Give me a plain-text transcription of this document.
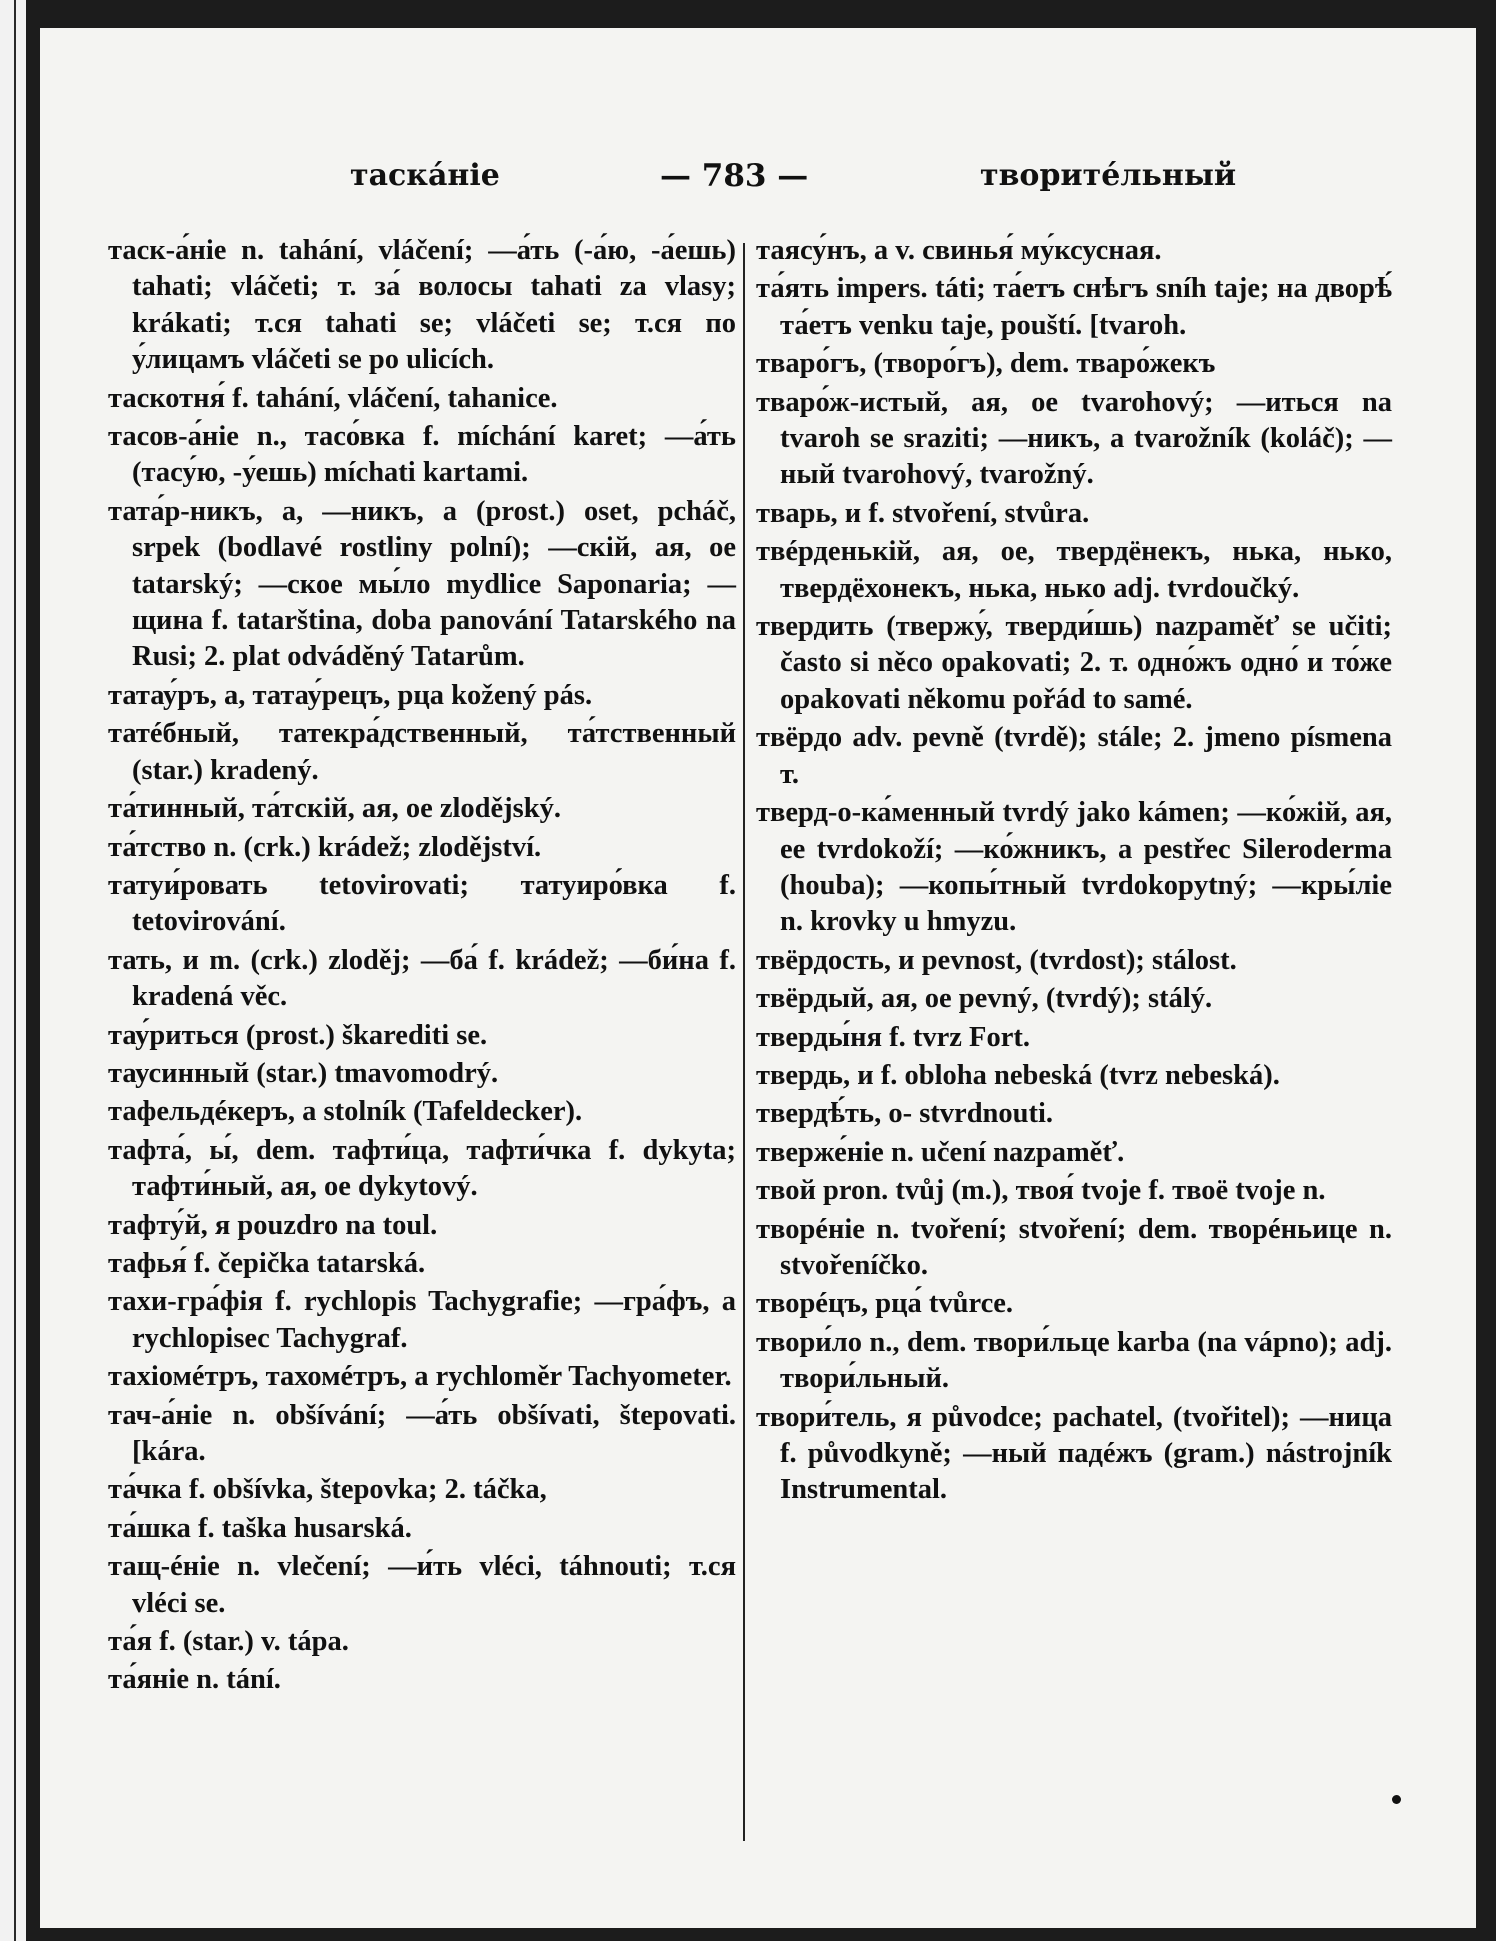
таска́ніе	— 783 —	творите́льный

таск-а́ніе n. tahání, vláčení; —а́ть (-а́ю, -а́ешь) tahati; vláčeti; т. за́ волосы tahati za vlasy; krákati; т.ся tahati se; vláčeti se; т.ся по у́лицамъ vláčeti se po ulicích.

таскотня́ f. tahání, vláčení, tahanice.

тасов-а́ніе n., тасо́вка f. míchání karet; —а́ть (тасу́ю, -у́ешь) míchati kartami.

тата́р-никъ, а, —никъ, а (prost.) oset, pcháč, srpek (bodlavé rostliny polní); —скій, ая, ое tatarský; —ское мы́ло mydlice Saponaria; —щина f. tatarština, doba panování Tatarského na Rusi; 2. plat odváděný Tatarům.

татау́ръ, а, татау́рецъ, рца kožený pás.

татéбный, татекра́дственный, та́тственный (star.) kradený.

та́тинный, та́тскій, ая, ое zlodějský.

та́тство n. (crk.) krádež; zlodějství.

татуи́ровать tetovirovati; татуиро́вка f. tetovirování.

тать, и m. (crk.) zloděj; —ба́ f. krádež; —би́на f. kradená věc.

тау́риться (prost.) škarediti se.

таусинный (star.) tmavomodrý.

тафельдéкеръ, а stolník (Tafeldecker).

тафта́, ы́, dem. тафти́ца, тафти́чка f. dykyta; тафти́ный, ая, ое dykytový.

тафту́й, я pouzdro na toul.

тафья́ f. čepička tatarská.

тахи-гра́фія f. rychlopis Tachygrafie; —гра́фъ, а rychlopisec Tachygraf.

тахіомéтръ, тахомéтръ, а rychloměr Tachyometer.

тач-а́ніе n. obšívání; —а́ть obšívati, štepovati. [kára.

та́чка f. obšívka, štepovka; 2. táčka,

та́шка f. taška husarská.

тащ-éніе n. vlečení; —и́ть vléci, táhnouti; т.ся vléci se.

та́я f. (star.) v. tápa.

та́яніе n. tání.

таясу́нъ, а v. свинья́ му́ксусная.

та́ять impers. táti; та́етъ снѣгъ sníh taje; на дворѣ́ та́етъ venku taje, pouští. [tvaroh.

тваро́гъ, (творо́гъ), dem. тваро́жекъ

тваро́ж-истый, ая, ое tvarohový; —иться na tvaroh se sraziti; —никъ, а tvarožník (koláč); —ный tvarohový, tvarožný.

тварь, и f. stvoření, stvůra.

твéрденькій, ая, ое, твердёнекъ, нька, нько, твердёхонекъ, нька, нько adj. tvrdoučký.

твердить (твержу́, тверди́шь) nazpaměť se učiti; často si něco opakovati; 2. т. одно́жъ одно́ и то́же opakovati někomu pořád to samé.

твёрдо adv. pevně (tvrdě); stále; 2. jmeno písmena т.

тверд-о-ка́менный tvrdý jako kámen; —ко́жій, ая, ее tvrdokoží; —ко́жникъ, а pestřec Sileroderma (houba); —копы́тный tvrdokopytný; —кры́ліе n. krovky u hmyzu.

твёрдость, и pevnost, (tvrdost); stálost.

твёрдый, ая, ое pevný, (tvrdý); stálý.

тверды́ня f. tvrz Fort.

твердь, и f. obloha nebeská (tvrz nebeská).

твердѣ́ть, о- stvrdnouti.

тверже́ніе n. učení nazpaměť.

твой pron. tvůj (m.), твоя́ tvoje f. твоё tvoje n.

творéніе n. tvoření; stvoření; dem. творéньице n. stvořeníčko.

творéцъ, рца́ tvůrce.

твори́ло n., dem. твори́льце karba (na vápno); adj. твори́льный.

твори́тель, я původce; pachatel, (tvořitel); —ница f. původkyně; —ный падéжъ (gram.) nástrojník Instrumental.
